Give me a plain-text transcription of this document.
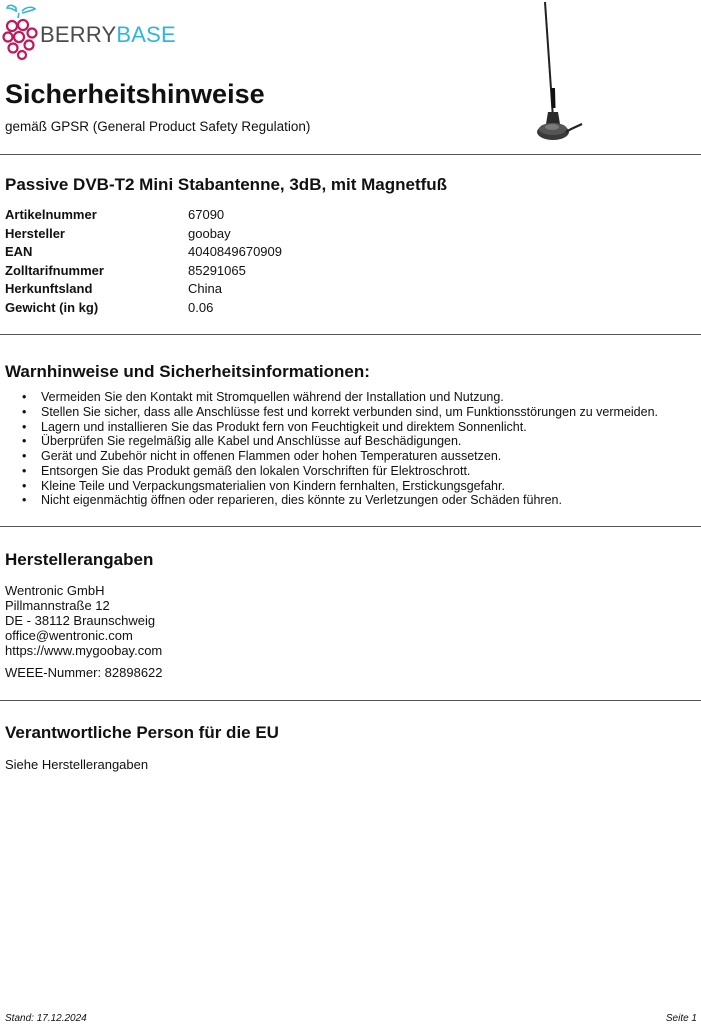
BERRYBASE
Sicherheitshinweise
gemäß GPSR (General Product Safety Regulation)
Passive DVB-T2 Mini Stabantenne, 3dB, mit Magnetfuß
Artikelnummer	67090
Hersteller	goobay
EAN	4040849670909
Zolltarifnummer	85291065
Herkunftsland	China
Gewicht (in kg)	0.06
Warnhinweise und Sicherheitsinformationen:
• Vermeiden Sie den Kontakt mit Stromquellen während der Installation und Nutzung.
• Stellen Sie sicher, dass alle Anschlüsse fest und korrekt verbunden sind, um Funktionsstörungen zu vermeiden.
• Lagern und installieren Sie das Produkt fern von Feuchtigkeit und direktem Sonnenlicht.
• Überprüfen Sie regelmäßig alle Kabel und Anschlüsse auf Beschädigungen.
• Gerät und Zubehör nicht in offenen Flammen oder hohen Temperaturen aussetzen.
• Entsorgen Sie das Produkt gemäß den lokalen Vorschriften für Elektroschrott.
• Kleine Teile und Verpackungsmaterialien von Kindern fernhalten, Erstickungsgefahr.
• Nicht eigenmächtig öffnen oder reparieren, dies könnte zu Verletzungen oder Schäden führen.
Herstellerangaben
Wentronic GmbH
Pillmannstraße 12
DE - 38112 Braunschweig
office@wentronic.com
https://www.mygoobay.com
WEEE-Nummer: 82898622
Verantwortliche Person für die EU
Siehe Herstellerangaben
Stand: 17.12.2024	Seite 1
